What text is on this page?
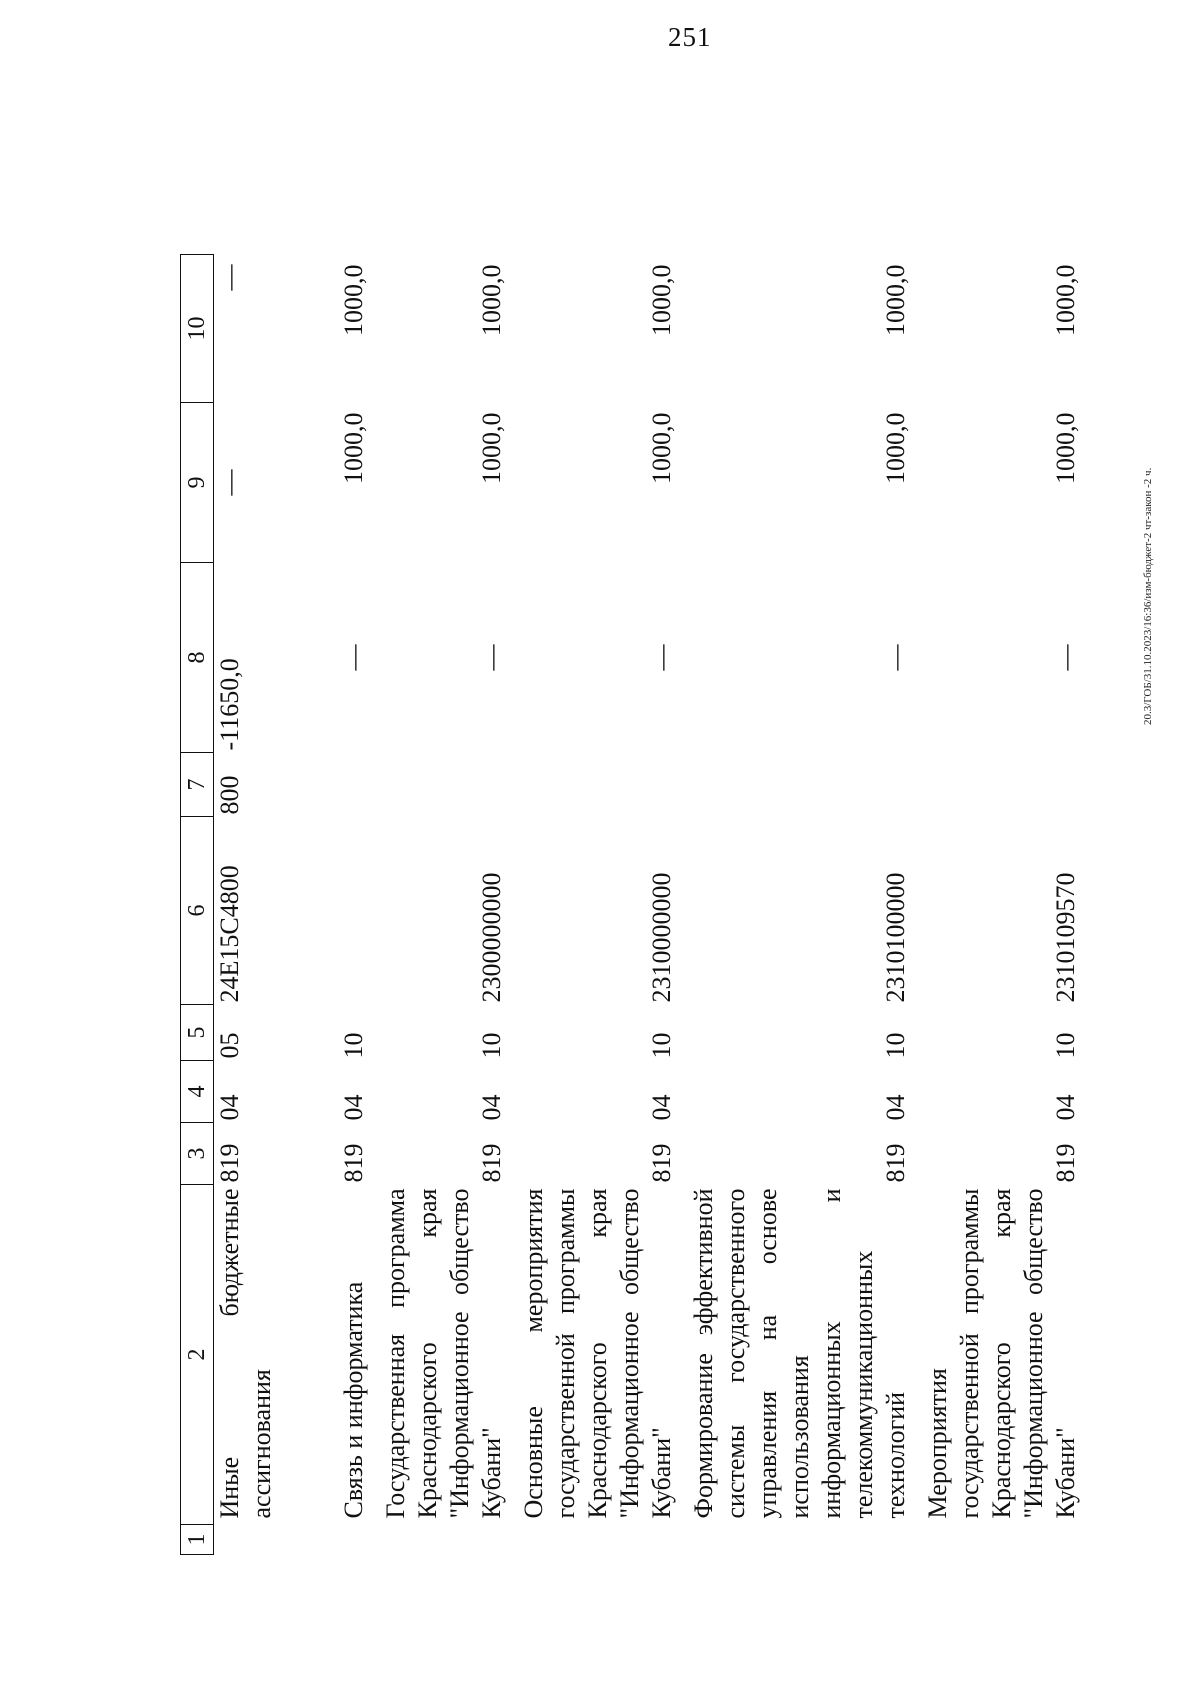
251
20.3/ГОБ/31.10.2023/16:36/изм-бюджет-2 чт-закон -2 ч.
1	2	3	4	5	6	7	8	9	10
	Иные бюджетные ассигнования	819	04	05	24Е15С4800	800	-11650,0	—	—
	Связь и информатика	819	04	10			—	1000,0	1000,0
	Государственная программа Краснодарского края "Информационное общество Кубани"	819	04	10	2300000000		—	1000,0	1000,0
	Основные мероприятия государственной программы Краснодарского края "Информационное общество Кубани"	819	04	10	2310000000		—	1000,0	1000,0
	Формирование эффективной системы государственного управления на основе использования информационных и телекоммуникационных технологий	819	04	10	2310100000		—	1000,0	1000,0
	Мероприятия государственной программы Краснодарского края "Информационное общество Кубани"	819	04	10	2310109570		—	1000,0	1000,0
